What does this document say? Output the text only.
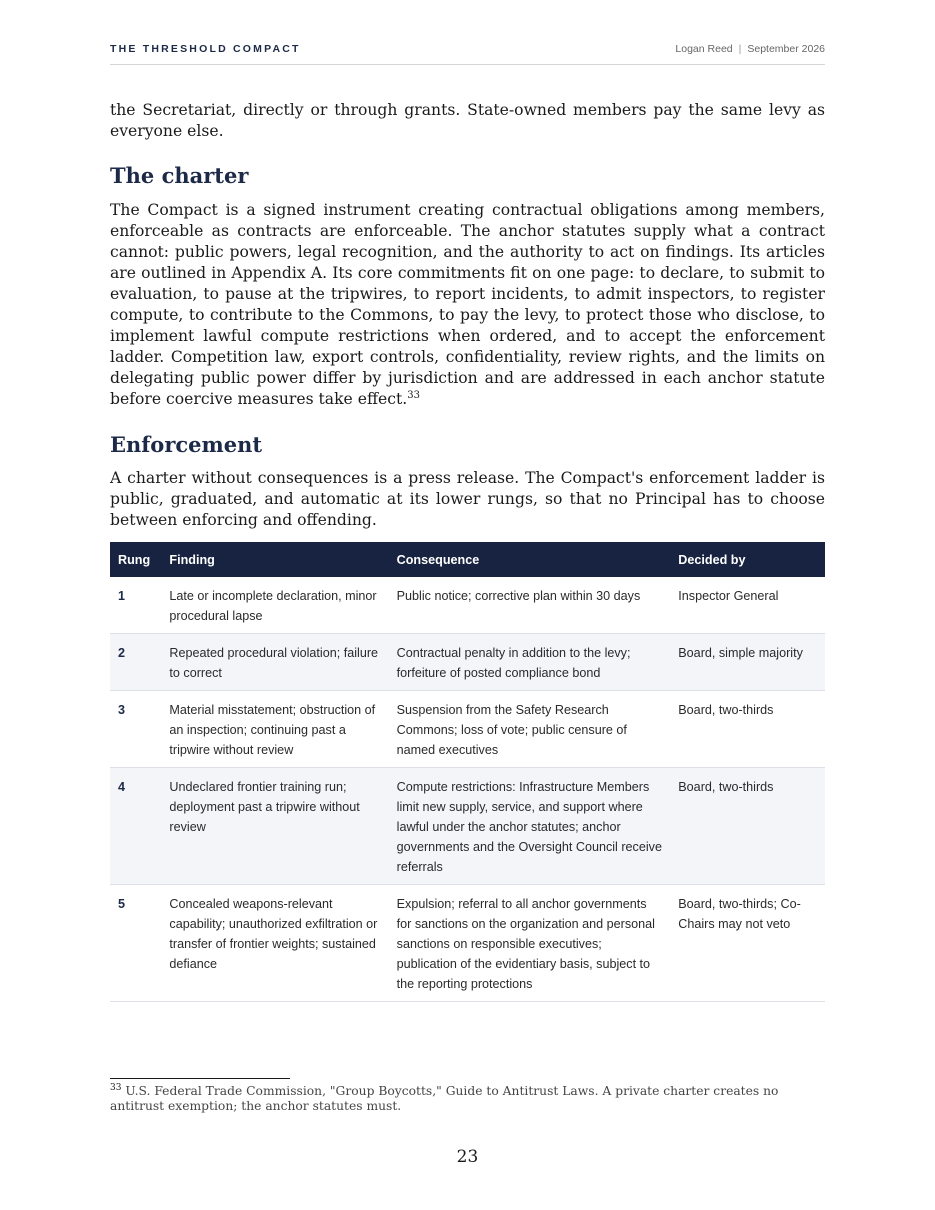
THE THRESHOLD COMPACT	Logan Reed | September 2026

the Secretariat, directly or through grants. State-owned members pay the same levy as everyone else.

The charter

The Compact is a signed instrument creating contractual obligations among members, enforceable as contracts are enforceable. The anchor statutes supply what a contract cannot: public powers, legal recognition, and the authority to act on findings. Its articles are outlined in Appendix A. Its core commitments fit on one page: to declare, to submit to evaluation, to pause at the tripwires, to report incidents, to admit inspectors, to register compute, to contribute to the Commons, to pay the levy, to protect those who disclose, to implement lawful compute restrictions when ordered, and to accept the enforcement ladder. Competition law, export controls, confidentiality, review rights, and the limits on delegating public power differ by jurisdiction and are addressed in each anchor statute before coercive measures take effect.$^{33}$

Enforcement

A charter without consequences is a press release. The Compact's enforcement ladder is public, graduated, and automatic at its lower rungs, so that no Principal has to choose between enforcing and offending.

Rung	Finding	Consequence	Decided by
1	Late or incomplete declaration, minor procedural lapse	Public notice; corrective plan within 30 days	Inspector General
2	Repeated procedural violation; failure to correct	Contractual penalty in addition to the levy; forfeiture of posted compliance bond	Board, simple majority
3	Material misstatement; obstruction of an inspection; continuing past a tripwire without review	Suspension from the Safety Research Commons; loss of vote; public censure of named executives	Board, two-thirds
4	Undeclared frontier training run; deployment past a tripwire without review	Compute restrictions: Infrastructure Members limit new supply, service, and support where lawful under the anchor statutes; anchor governments and the Oversight Council receive referrals	Board, two-thirds
5	Concealed weapons-relevant capability; unauthorized exfiltration or transfer of frontier weights; sustained defiance	Expulsion; referral to all anchor governments for sanctions on the organization and personal sanctions on responsible executives; publication of the evidentiary basis, subject to the reporting protections	Board, two-thirds; Co-Chairs may not veto

$^{33}$ U.S. Federal Trade Commission, "Group Boycotts," Guide to Antitrust Laws. A private charter creates no antitrust exemption; the anchor statutes must.

23
